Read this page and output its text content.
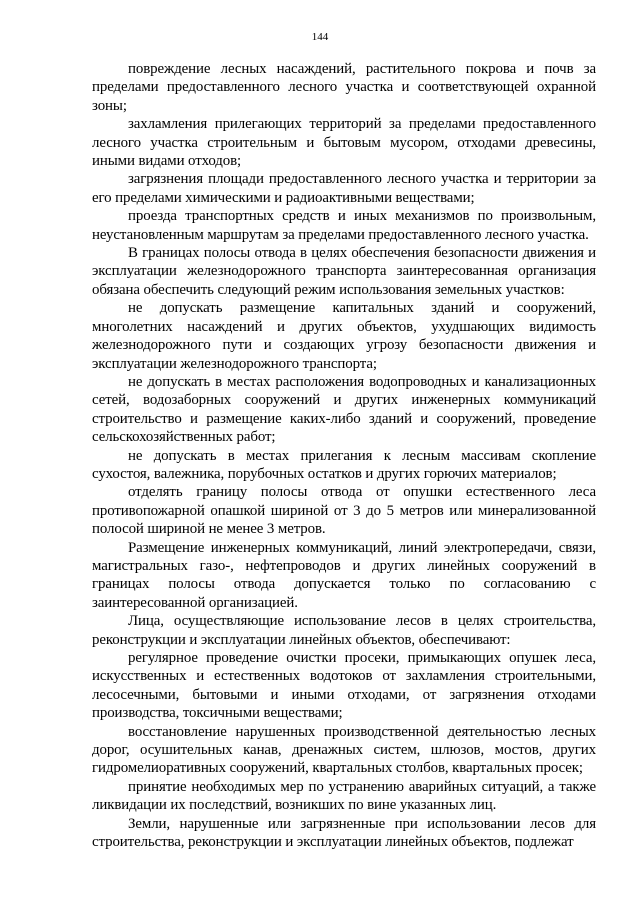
144

повреждение лесных насаждений, растительного покрова и почв за пределами предоставленного лесного участка и соответствующей охранной зоны;

захламления прилегающих территорий за пределами предоставленного лесного участка строительным и бытовым мусором, отходами древесины, иными видами отходов;

загрязнения площади предоставленного лесного участка и территории за его пределами химическими и радиоактивными веществами;

проезда транспортных средств и иных механизмов по произвольным, неустановленным маршрутам за пределами предоставленного лесного участка.

В границах полосы отвода в целях обеспечения безопасности движения и эксплуатации железнодорожного транспорта заинтересованная организация обязана обеспечить следующий режим использования земельных участков:

не допускать размещение капитальных зданий и сооружений, многолетних насаждений и других объектов, ухудшающих видимость железнодорожного пути и создающих угрозу безопасности движения и эксплуатации железнодорожного транспорта;

не допускать в местах расположения водопроводных и канализационных сетей, водозаборных сооружений и других инженерных коммуникаций строительство и размещение каких-либо зданий и сооружений, проведение сельскохозяйственных работ;

не допускать в местах прилегания к лесным массивам скопление сухостоя, валежника, порубочных остатков и других горючих материалов;

отделять границу полосы отвода от опушки естественного леса противопожарной опашкой шириной от 3 до 5 метров или минерализованной полосой шириной не менее 3 метров.

Размещение инженерных коммуникаций, линий электропередачи, связи, магистральных газо-, нефтепроводов и других линейных сооружений в границах полосы отвода допускается только по согласованию с заинтересованной организацией.

Лица, осуществляющие использование лесов в целях строительства, реконструкции и эксплуатации линейных объектов, обеспечивают:

регулярное проведение очистки просеки, примыкающих опушек леса, искусственных и естественных водотоков от захламления строительными, лесосечными, бытовыми и иными отходами, от загрязнения отходами производства, токсичными веществами;

восстановление нарушенных производственной деятельностью лесных дорог, осушительных канав, дренажных систем, шлюзов, мостов, других гидромелиоративных сооружений, квартальных столбов, квартальных просек;

принятие необходимых мер по устранению аварийных ситуаций, а также ликвидации их последствий, возникших по вине указанных лиц.

Земли, нарушенные или загрязненные при использовании лесов для строительства, реконструкции и эксплуатации линейных объектов, подлежат
